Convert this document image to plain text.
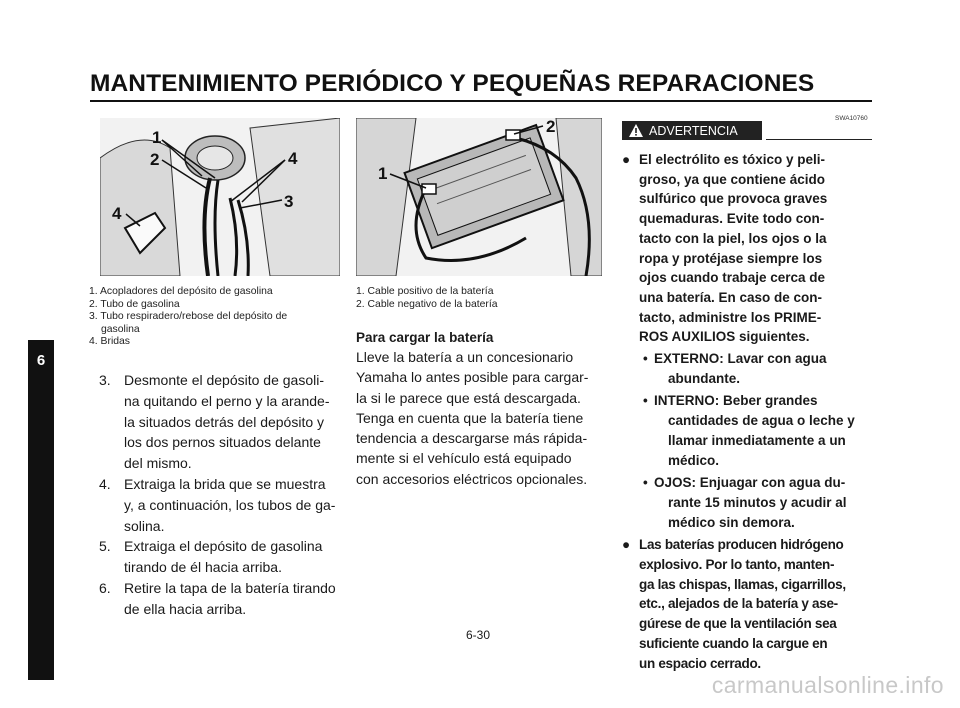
MANTENIMIENTO PERIÓDICO Y PEQUEÑAS REPARACIONES
6
1
2	4
3
4
1. Acopladores del depósito de gasolina
2. Tubo de gasolina
3. Tubo respiradero/rebose del depósito de
gasolina
4. Bridas
2
1
1. Cable positivo de la batería
2. Cable negativo de la batería
3. Desmonte el depósito de gasoli-
na quitando el perno y la arande-
la situados detrás del depósito y
los dos pernos situados delante
del mismo.
4. Extraiga la brida que se muestra
y, a continuación, los tubos de ga-
solina.
5. Extraiga el depósito de gasolina
tirando de él hacia arriba.
6. Retire la tapa de la batería tirando
de ella hacia arriba.
Para cargar la batería
Lleve la batería a un concesionario
Yamaha lo antes posible para cargar-
la si le parece que está descargada.
Tenga en cuenta que la batería tiene
tendencia a descargarse más rápida-
mente si el vehículo está equipado
con accesorios eléctricos opcionales.
SWA10760
ADVERTENCIA
● El electrólito es tóxico y peli-
groso, ya que contiene ácido
sulfúrico que provoca graves
quemaduras. Evite todo con-
tacto con la piel, los ojos o la
ropa y protéjase siempre los
ojos cuando trabaje cerca de
una batería. En caso de con-
tacto, administre los PRIME-
ROS AUXILIOS siguientes.
• EXTERNO: Lavar con agua
abundante.
• INTERNO: Beber grandes
cantidades de agua o leche y
llamar inmediatamente a un
médico.
• OJOS: Enjuagar con agua du-
rante 15 minutos y acudir al
médico sin demora.
● Las baterías producen hidrógeno
explosivo. Por lo tanto, manten-
ga las chispas, llamas, cigarrillos,
etc., alejados de la batería y ase-
gúrese de que la ventilación sea
suficiente cuando la cargue en
un espacio cerrado.
6-30
carmanualsonline.info
